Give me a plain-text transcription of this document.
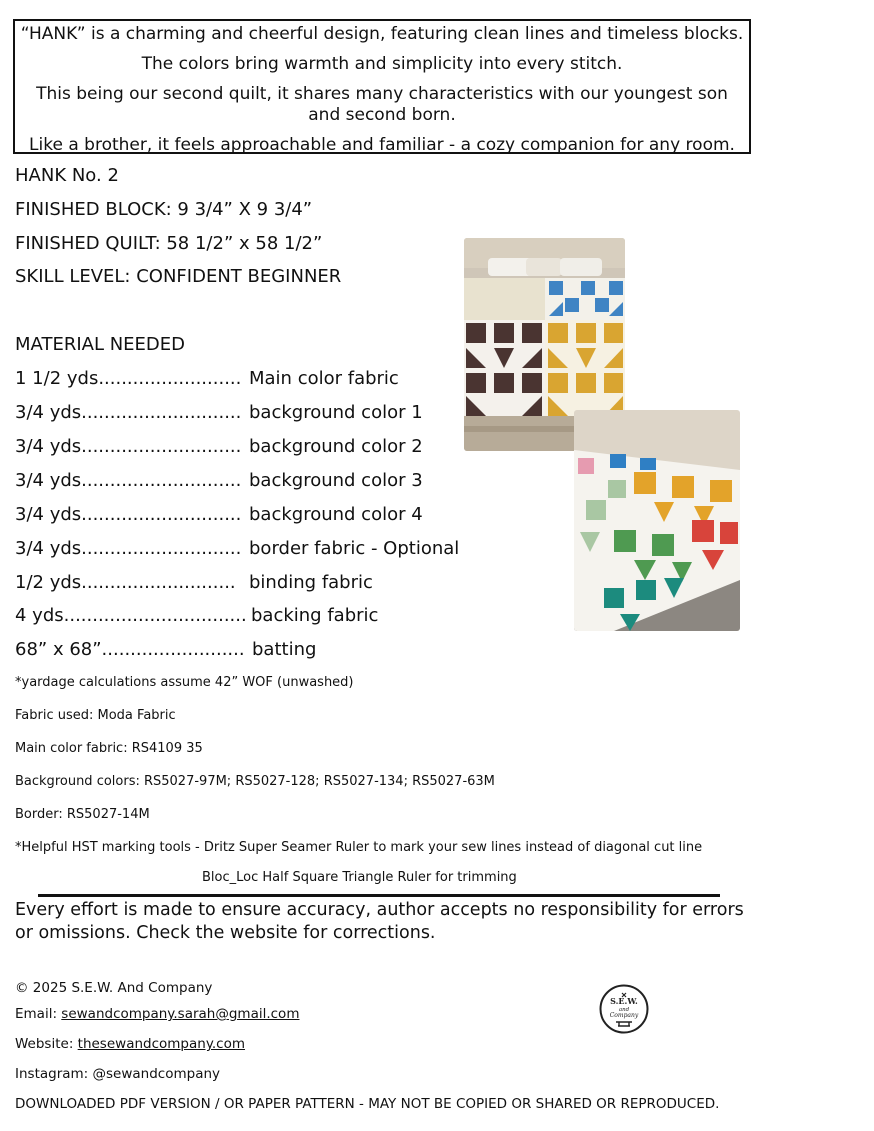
“HANK” is a charming and cheerful design, featuring clean lines and timeless blocks.
The colors bring warmth and simplicity into every stitch.
This being our second quilt, it shares many characteristics with our youngest son and second born.
Like a brother, it feels approachable and familiar - a cozy companion for any room.
HANK No. 2
FINISHED BLOCK: 9 3/4” X 9 3/4”
FINISHED QUILT: 58 1/2” x 58 1/2”
SKILL LEVEL: CONFIDENT BEGINNER
MATERIAL NEEDED
1 1/2 yds......................... Main color fabric
3/4 yds............................ background color 1
3/4 yds............................ background color 2
3/4 yds............................ background color 3
3/4 yds............................ background color 4
3/4 yds............................ border fabric - Optional
1/2 yds........................... binding fabric
4 yds................................ backing fabric
68” x 68”......................... batting
*yardage calculations assume 42” WOF (unwashed)
Fabric used: Moda Fabric
Main color fabric: RS4109 35
Background colors: RS5027-97M; RS5027-128; RS5027-134; RS5027-63M
Border: RS5027-14M
*Helpful HST marking tools - Dritz Super Seamer Ruler to mark your sew lines instead of diagonal cut line
Bloc_Loc Half Square Triangle Ruler for trimming
Every effort is made to ensure accuracy, author accepts no responsibility for errors or omissions. Check the website for corrections.
© 2025 S.E.W. And Company
Email: sewandcompany.sarah@gmail.com
Website: thesewandcompany.com
Instagram: @sewandcompany
DOWNLOADED PDF VERSION / OR PAPER PATTERN - MAY NOT BE COPIED OR SHARED OR REPRODUCED.
S.E.W.
and
Company
